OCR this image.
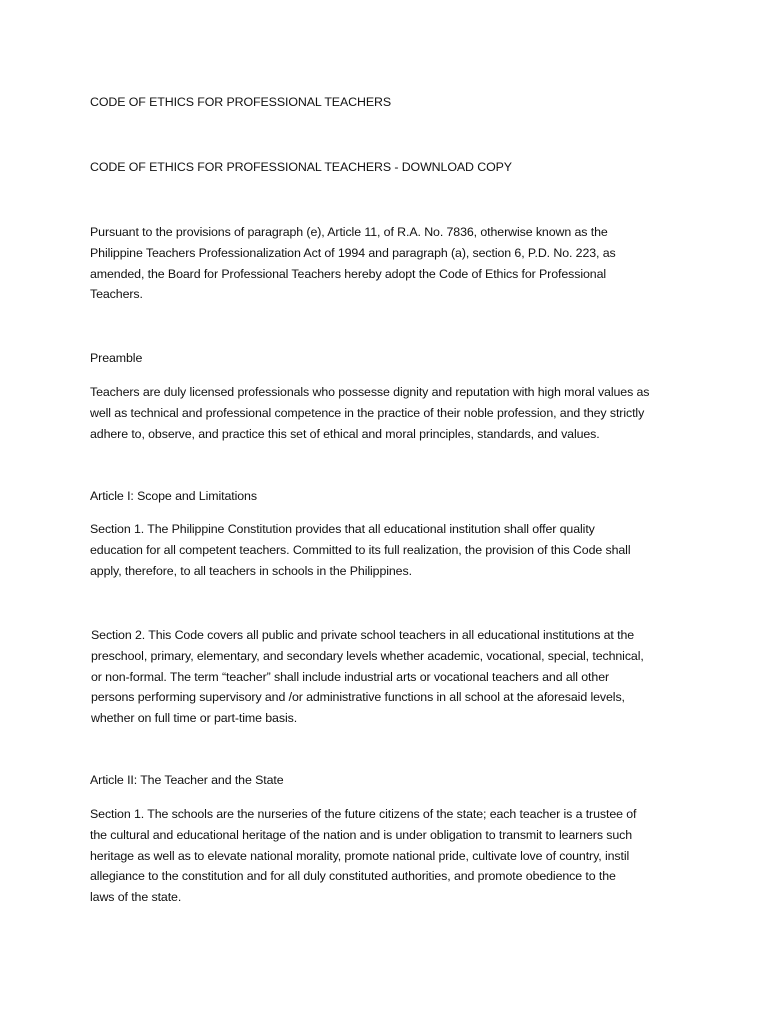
CODE OF ETHICS FOR PROFESSIONAL TEACHERS

CODE OF ETHICS FOR PROFESSIONAL TEACHERS - DOWNLOAD COPY

Pursuant to the provisions of paragraph (e), Article 11, of R.A. No. 7836, otherwise known as the
Philippine Teachers Professionalization Act of 1994 and paragraph (a), section 6, P.D. No. 223, as
amended, the Board for Professional Teachers hereby adopt the Code of Ethics for Professional
Teachers.

Preamble

Teachers are duly licensed professionals who possesse dignity and reputation with high moral values as
well as technical and professional competence in the practice of their noble profession, and they strictly
adhere to, observe, and practice this set of ethical and moral principles, standards, and values.

Article I: Scope and Limitations

Section 1. The Philippine Constitution provides that all educational institution shall offer quality
education for all competent teachers. Committed to its full realization, the provision of this Code shall
apply, therefore, to all teachers in schools in the Philippines.

Section 2. This Code covers all public and private school teachers in all educational institutions at the
preschool, primary, elementary, and secondary levels whether academic, vocational, special, technical,
or non-formal. The term “teacher” shall include industrial arts or vocational teachers and all other
persons performing supervisory and /or administrative functions in all school at the aforesaid levels,
whether on full time or part-time basis.

Article II: The Teacher and the State

Section 1. The schools are the nurseries of the future citizens of the state; each teacher is a trustee of
the cultural and educational heritage of the nation and is under obligation to transmit to learners such
heritage as well as to elevate national morality, promote national pride, cultivate love of country, instil
allegiance to the constitution and for all duly constituted authorities, and promote obedience to the
laws of the state.
